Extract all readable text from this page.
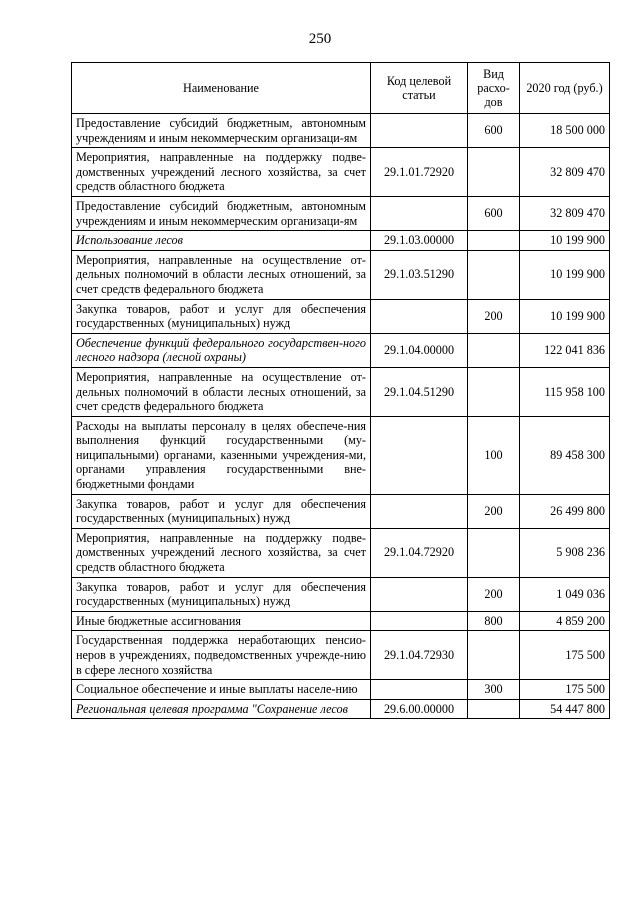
250
Наименование	Код целевой статьи	Вид расхо-дов	2020 год (руб.)
Предоставление субсидий бюджетным, автономным учреждениям и иным некоммерческим организаци-ям		600	18 500 000
Мероприятия, направленные на поддержку подве-домственных учреждений лесного хозяйства, за счет средств областного бюджета	29.1.01.72920		32 809 470
Предоставление субсидий бюджетным, автономным учреждениям и иным некоммерческим организаци-ям		600	32 809 470
Использование лесов	29.1.03.00000		10 199 900
Мероприятия, направленные на осуществление от-дельных полномочий в области лесных отношений, за счет средств федерального бюджета	29.1.03.51290		10 199 900
Закупка товаров, работ и услуг для обеспечения государственных (муниципальных) нужд		200	10 199 900
Обеспечение функций федерального государствен-ного лесного надзора (лесной охраны)	29.1.04.00000		122 041 836
Мероприятия, направленные на осуществление от-дельных полномочий в области лесных отношений, за счет средств федерального бюджета	29.1.04.51290		115 958 100
Расходы на выплаты персоналу в целях обеспече-ния выполнения функций государственными (му-ниципальными) органами, казенными учреждения-ми, органами управления государственными вне-бюджетными фондами		100	89 458 300
Закупка товаров, работ и услуг для обеспечения государственных (муниципальных) нужд		200	26 499 800
Мероприятия, направленные на поддержку подве-домственных учреждений лесного хозяйства, за счет средств областного бюджета	29.1.04.72920		5 908 236
Закупка товаров, работ и услуг для обеспечения государственных (муниципальных) нужд		200	1 049 036
Иные бюджетные ассигнования		800	4 859 200
Государственная поддержка неработающих пенсио-неров в учреждениях, подведомственных учрежде-нию в сфере лесного хозяйства	29.1.04.72930		175 500
Социальное обеспечение и иные выплаты населе-нию		300	175 500
Региональная целевая программа "Сохранение лесов	29.6.00.00000		54 447 800
